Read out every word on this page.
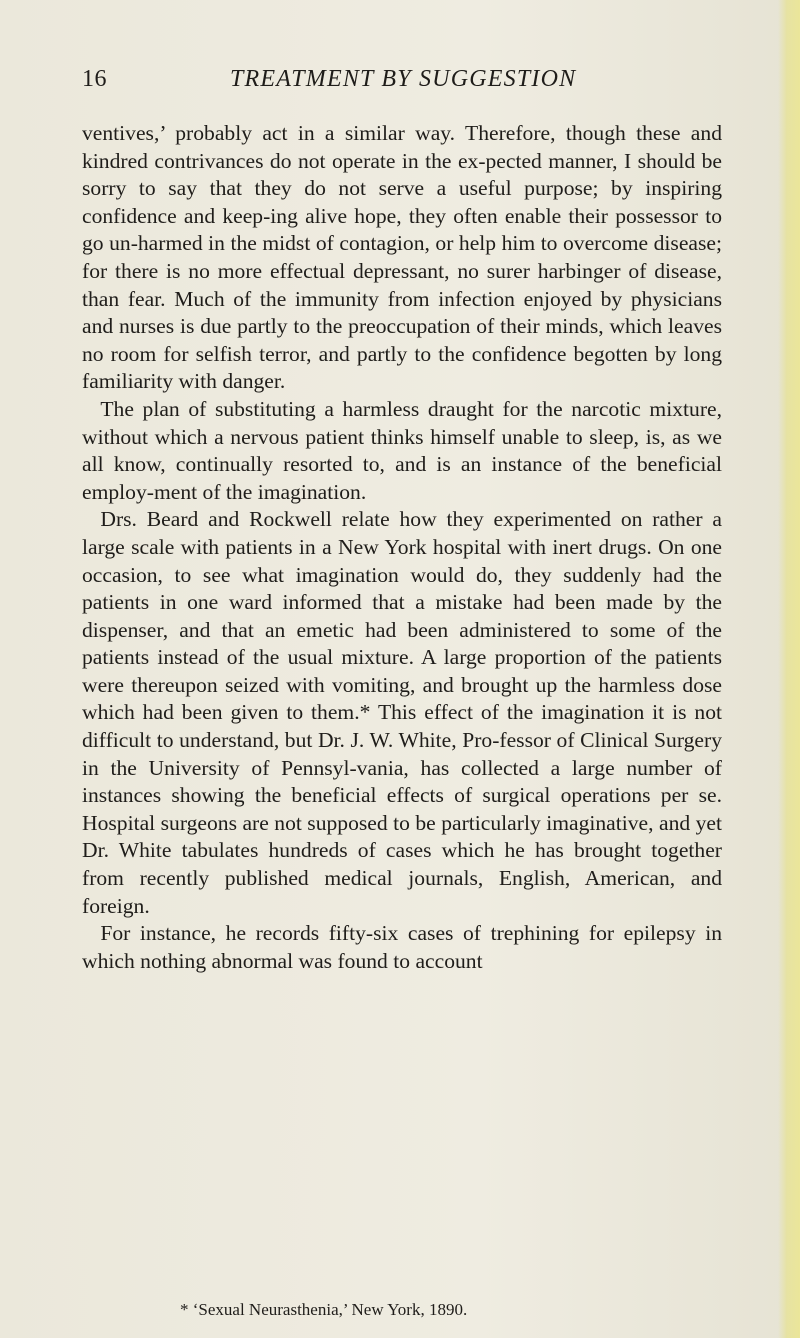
16	TREATMENT BY SUGGESTION

ventives,’ probably act in a similar way. Therefore, though these and kindred contrivances do not operate in the ex-pected manner, I should be sorry to say that they do not serve a useful purpose; by inspiring confidence and keep-ing alive hope, they often enable their possessor to go un-harmed in the midst of contagion, or help him to overcome disease; for there is no more effectual depressant, no surer harbinger of disease, than fear. Much of the immunity from infection enjoyed by physicians and nurses is due partly to the preoccupation of their minds, which leaves no room for selfish terror, and partly to the confidence begotten by long familiarity with danger.

The plan of substituting a harmless draught for the narcotic mixture, without which a nervous patient thinks himself unable to sleep, is, as we all know, continually resorted to, and is an instance of the beneficial employ-ment of the imagination.

Drs. Beard and Rockwell relate how they experimented on rather a large scale with patients in a New York hospital with inert drugs. On one occasion, to see what imagination would do, they suddenly had the patients in one ward informed that a mistake had been made by the dispenser, and that an emetic had been administered to some of the patients instead of the usual mixture. A large proportion of the patients were thereupon seized with vomiting, and brought up the harmless dose which had been given to them.* This effect of the imagination it is not difficult to understand, but Dr. J. W. White, Pro-fessor of Clinical Surgery in the University of Pennsyl-vania, has collected a large number of instances showing the beneficial effects of surgical operations per se. Hospital surgeons are not supposed to be particularly imaginative, and yet Dr. White tabulates hundreds of cases which he has brought together from recently published medical journals, English, American, and foreign.

For instance, he records fifty-six cases of trephining for epilepsy in which nothing abnormal was found to account

* ‘Sexual Neurasthenia,’ New York, 1890.
